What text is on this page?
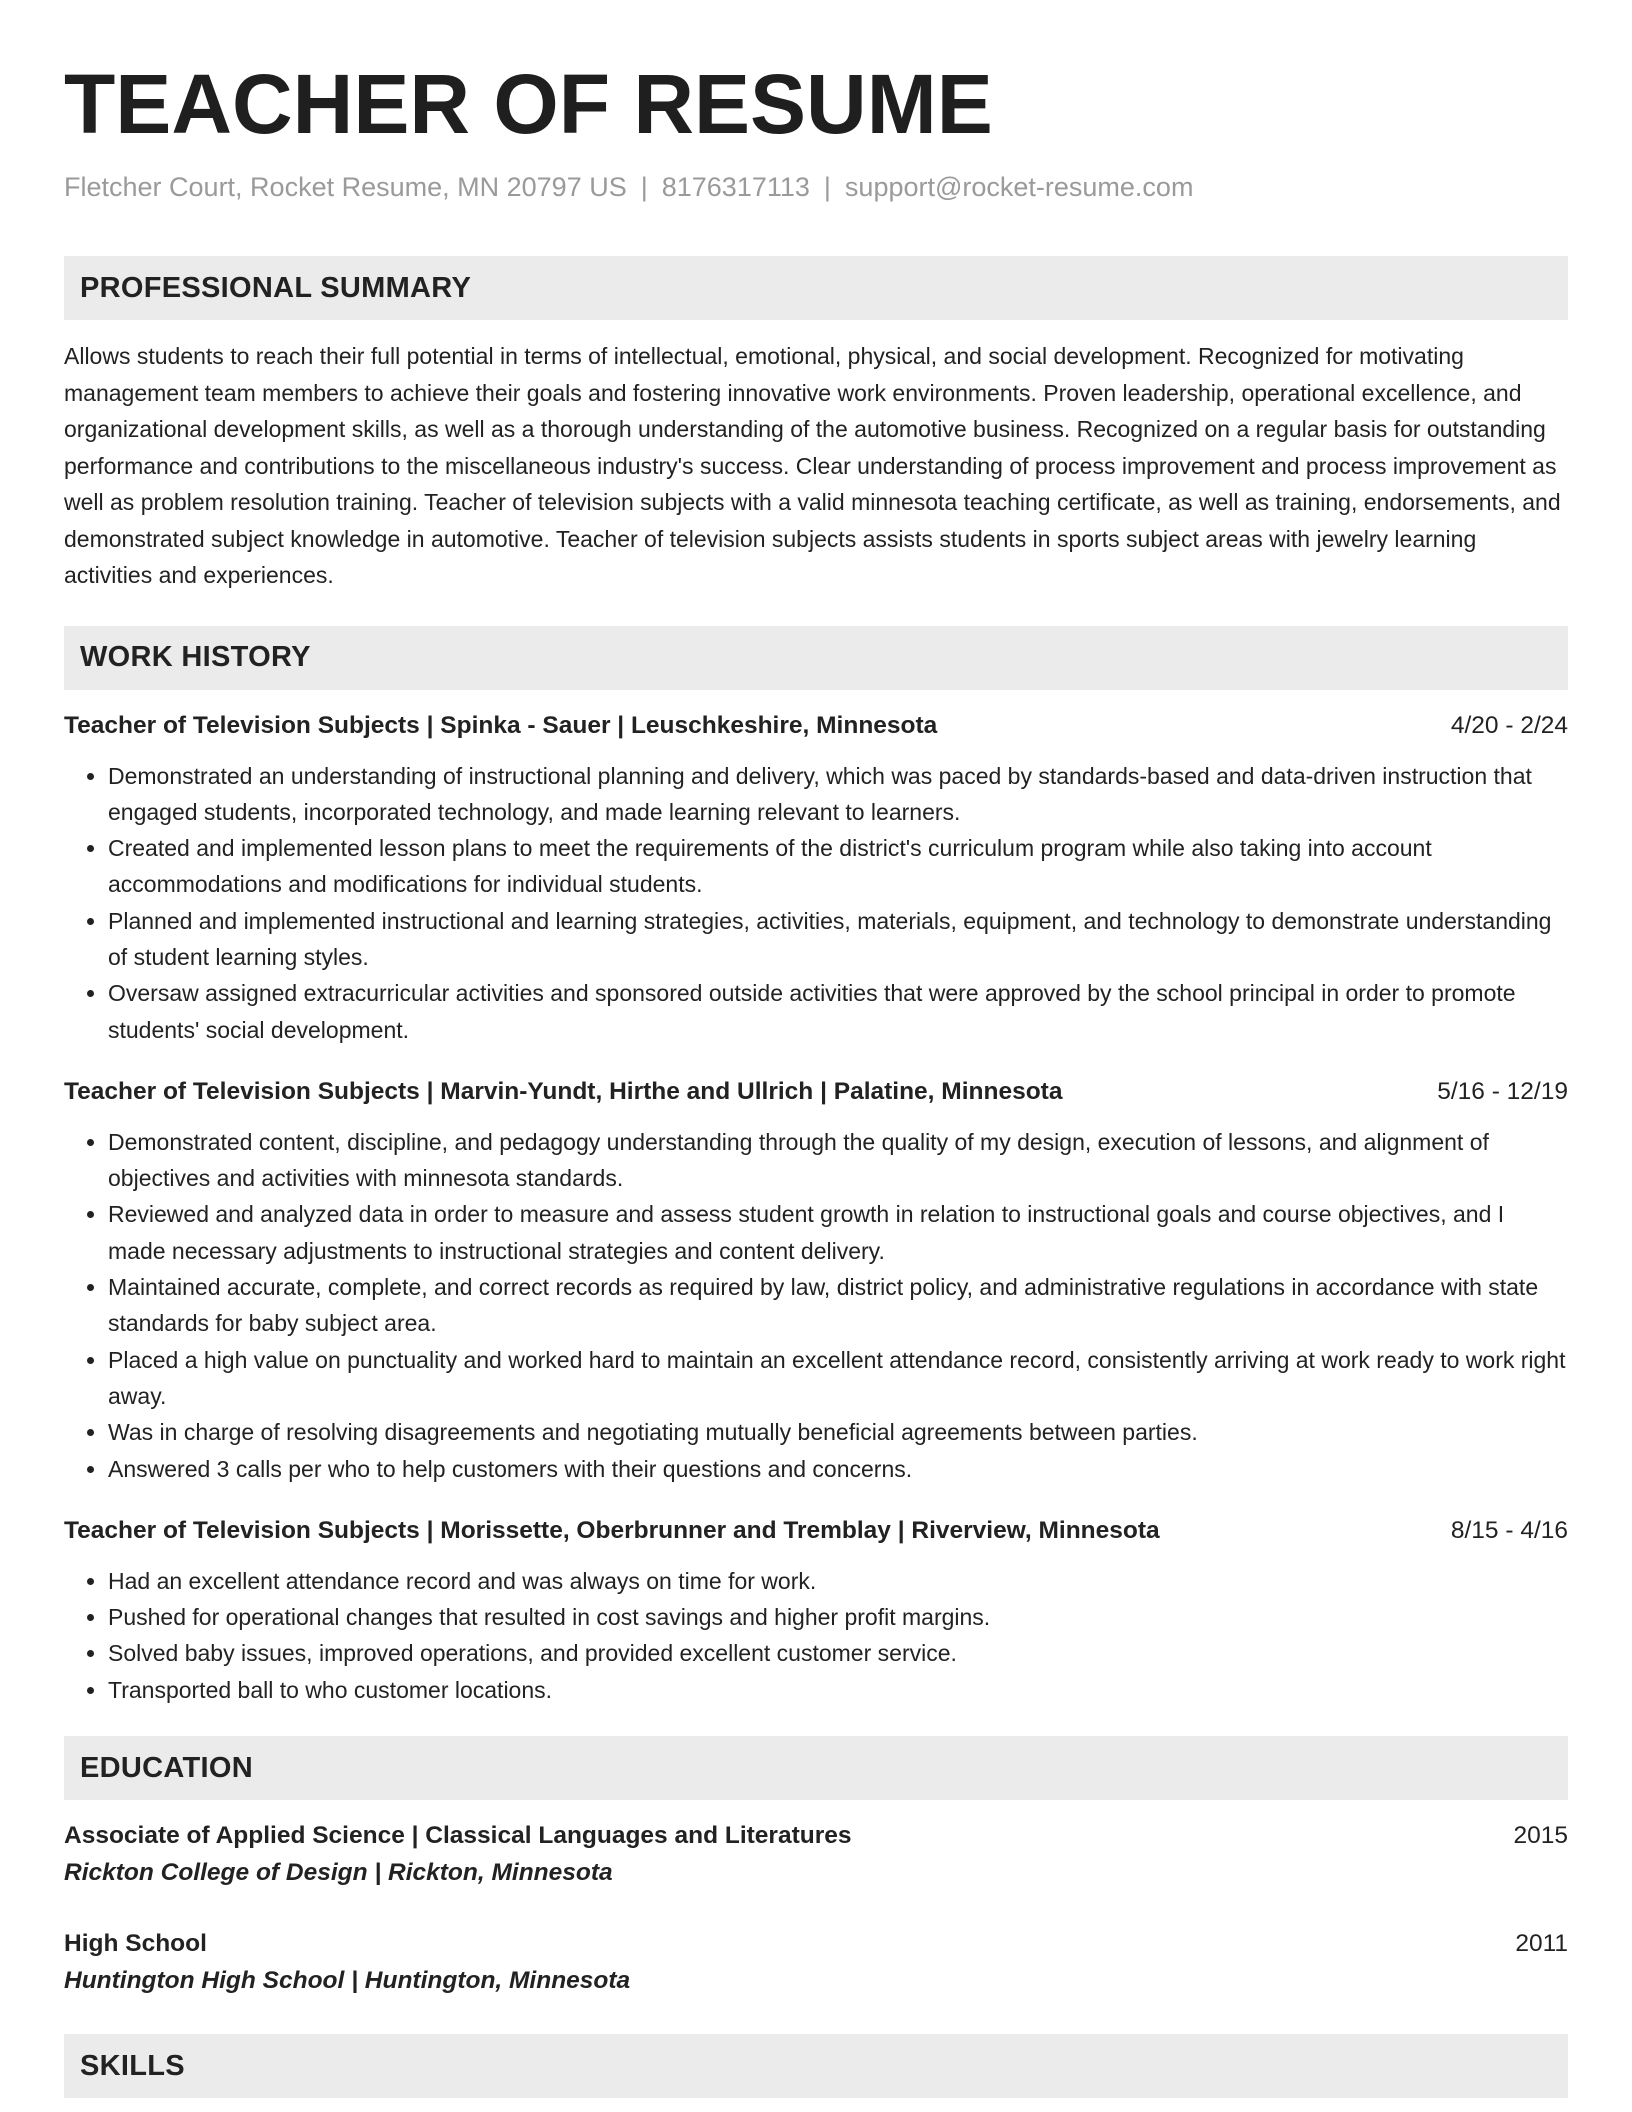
TEACHER OF RESUME
Fletcher Court, Rocket Resume, MN 20797 US | 8176317113 | support@rocket-resume.com
PROFESSIONAL SUMMARY

Allows students to reach their full potential in terms of intellectual, emotional, physical, and social development. Recognized for motivating management team members to achieve their goals and fostering innovative work environments. Proven leadership, operational excellence, and organizational development skills, as well as a thorough understanding of the automotive business. Recognized on a regular basis for outstanding performance and contributions to the miscellaneous industry's success. Clear understanding of process improvement and process improvement as well as problem resolution training. Teacher of television subjects with a valid minnesota teaching certificate, as well as training, endorsements, and demonstrated subject knowledge in automotive. Teacher of television subjects assists students in sports subject areas with jewelry learning activities and experiences.

WORK HISTORY
Teacher of Television Subjects | Spinka - Sauer | Leuschkeshire, Minnesota	4/20 - 2/24
• Demonstrated an understanding of instructional planning and delivery, which was paced by standards-based and data-driven instruction that engaged students, incorporated technology, and made learning relevant to learners.
• Created and implemented lesson plans to meet the requirements of the district's curriculum program while also taking into account accommodations and modifications for individual students.
• Planned and implemented instructional and learning strategies, activities, materials, equipment, and technology to demonstrate understanding of student learning styles.
• Oversaw assigned extracurricular activities and sponsored outside activities that were approved by the school principal in order to promote students' social development.
Teacher of Television Subjects | Marvin-Yundt, Hirthe and Ullrich | Palatine, Minnesota	5/16 - 12/19
• Demonstrated content, discipline, and pedagogy understanding through the quality of my design, execution of lessons, and alignment of objectives and activities with minnesota standards.
• Reviewed and analyzed data in order to measure and assess student growth in relation to instructional goals and course objectives, and I made necessary adjustments to instructional strategies and content delivery.
• Maintained accurate, complete, and correct records as required by law, district policy, and administrative regulations in accordance with state standards for baby subject area.
• Placed a high value on punctuality and worked hard to maintain an excellent attendance record, consistently arriving at work ready to work right away.
• Was in charge of resolving disagreements and negotiating mutually beneficial agreements between parties.
• Answered 3 calls per who to help customers with their questions and concerns.
Teacher of Television Subjects | Morissette, Oberbrunner and Tremblay | Riverview, Minnesota	8/15 - 4/16
• Had an excellent attendance record and was always on time for work.
• Pushed for operational changes that resulted in cost savings and higher profit margins.
• Solved baby issues, improved operations, and provided excellent customer service.
• Transported ball to who customer locations.
EDUCATION
Associate of Applied Science | Classical Languages and Literatures	2015
Rickton College of Design | Rickton, Minnesota
High School	2011
Huntington High School | Huntington, Minnesota
SKILLS
